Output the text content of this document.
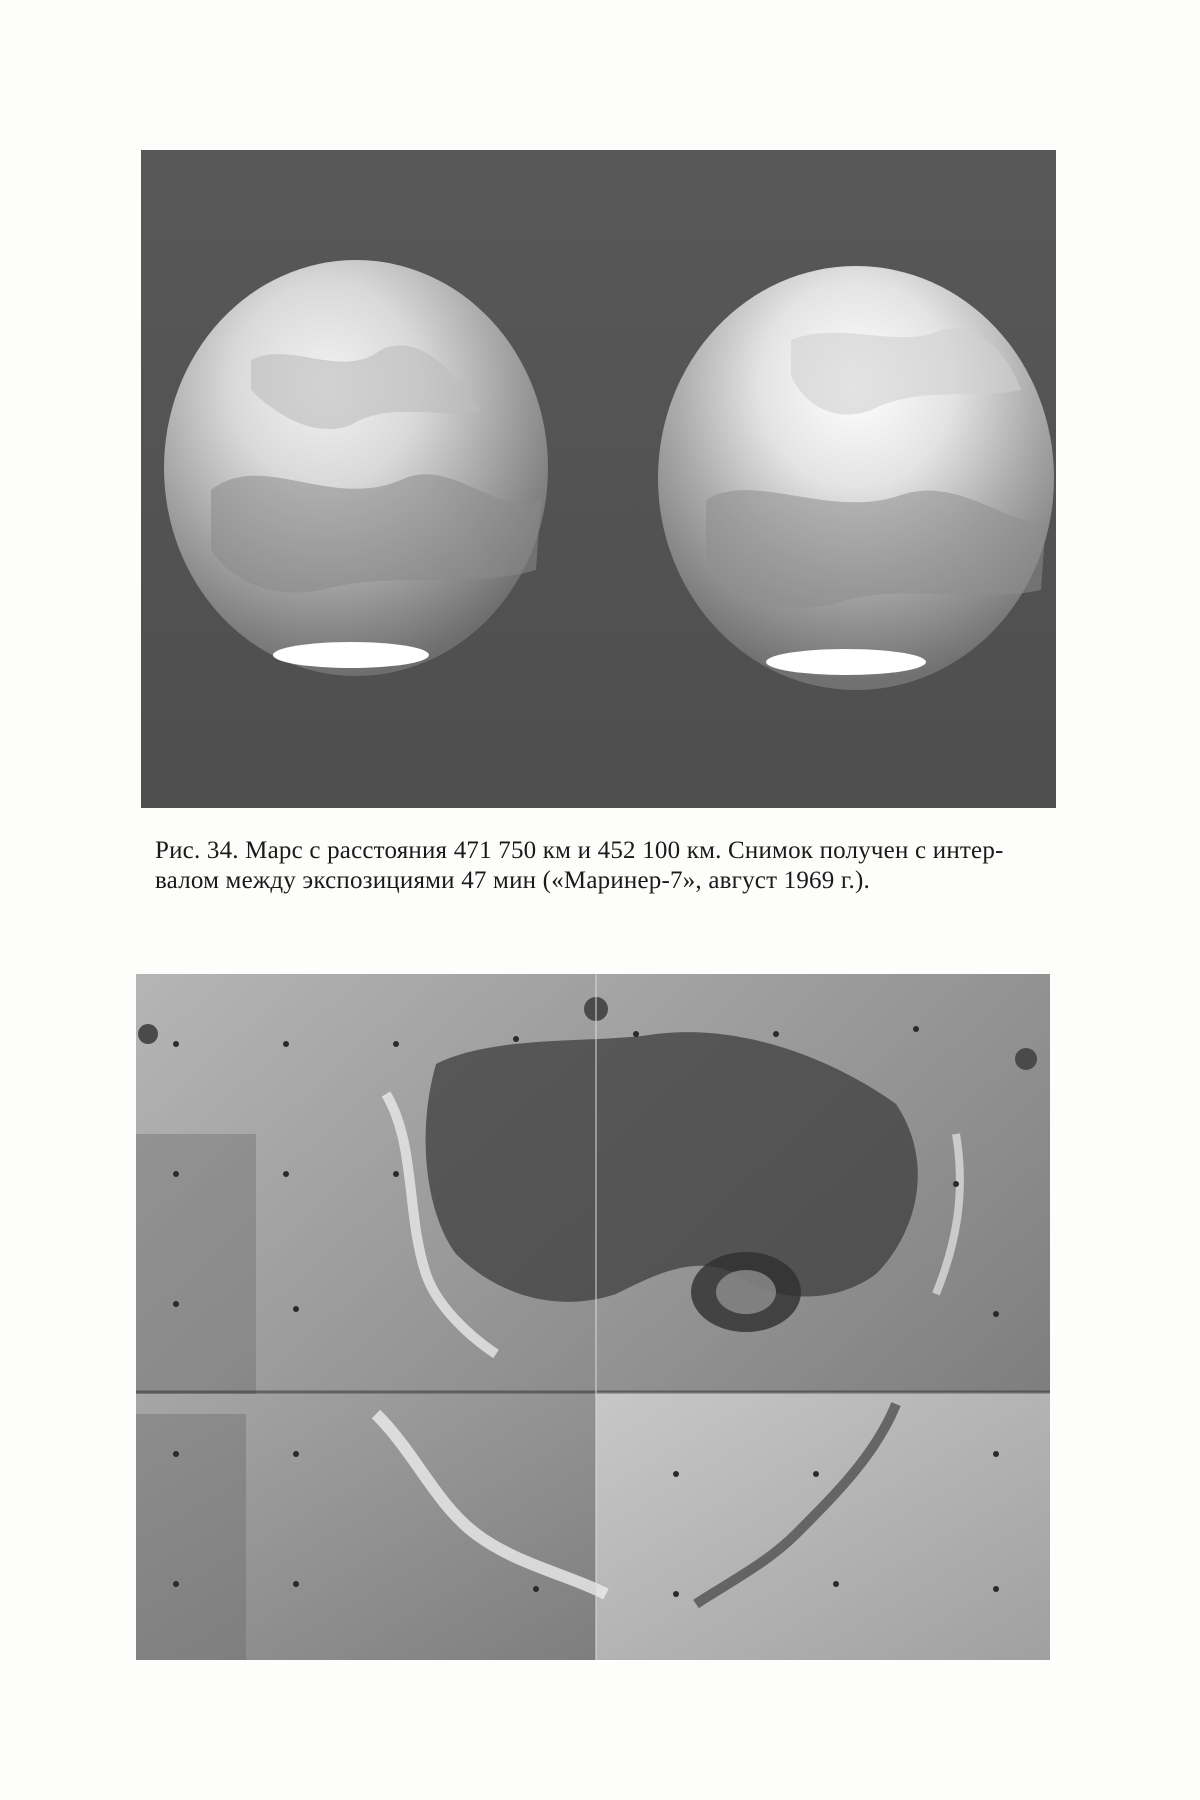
Рис. 34. Марс с расстояния 471 750 км и 452 100 км. Снимок получен с интер-
валом между экспозициями 47 мин («Маринер-7», август 1969 г.).
